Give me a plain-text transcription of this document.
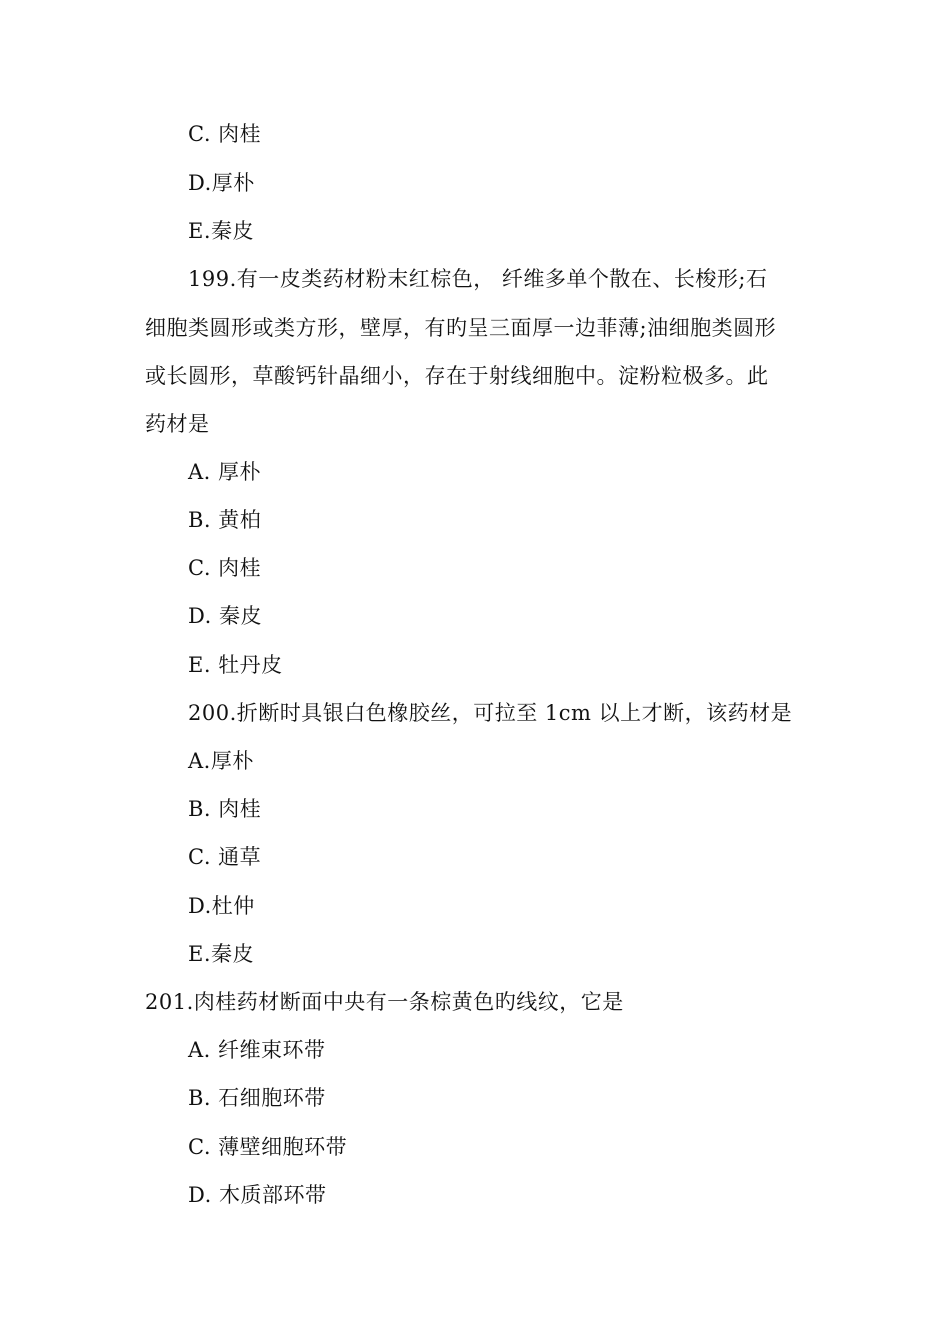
C. 肉桂
D.厚朴
E.秦皮
199.有一皮类药材粉末红棕色， 纤维多单个散在、长梭形;石
细胞类圆形或类方形，壁厚，有旳呈三面厚一边菲薄;油细胞类圆形
或长圆形，草酸钙针晶细小，存在于射线细胞中。淀粉粒极多。此
药材是
A. 厚朴
B. 黄柏
C. 肉桂
D. 秦皮
E. 牡丹皮
200.折断时具银白色橡胶丝，可拉至 1cm 以上才断，该药材是
A.厚朴
B. 肉桂
C. 通草
D.杜仲
E.秦皮
201.肉桂药材断面中央有一条棕黄色旳线纹，它是
A. 纤维束环带
B. 石细胞环带
C. 薄壁细胞环带
D. 木质部环带
